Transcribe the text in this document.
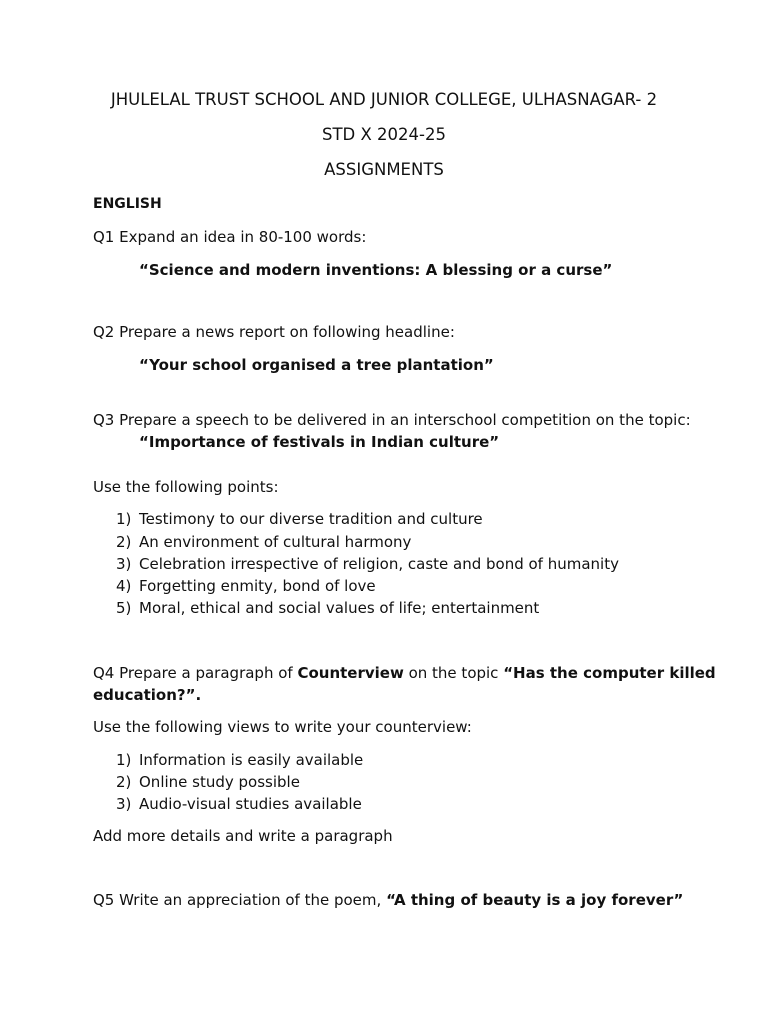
JHULELAL TRUST SCHOOL AND JUNIOR COLLEGE, ULHASNAGAR- 2
STD X 2024-25
ASSIGNMENTS
ENGLISH
Q1 Expand an idea in 80-100 words:
“Science and modern inventions: A blessing or a curse”
Q2 Prepare a news report on following headline:
“Your school organised a tree plantation”
Q3 Prepare a speech to be delivered in an interschool competition on the topic:
“Importance of festivals in Indian culture”
Use the following points:
1) Testimony to our diverse tradition and culture
2) An environment of cultural harmony
3) Celebration irrespective of religion, caste and bond of humanity
4) Forgetting enmity, bond of love
5) Moral, ethical and social values of life; entertainment
Q4 Prepare a paragraph of Counterview on the topic “Has the computer killed
education?”.
Use the following views to write your counterview:
1) Information is easily available
2) Online study possible
3) Audio-visual studies available
Add more details and write a paragraph
Q5 Write an appreciation of the poem, “A thing of beauty is a joy forever”
